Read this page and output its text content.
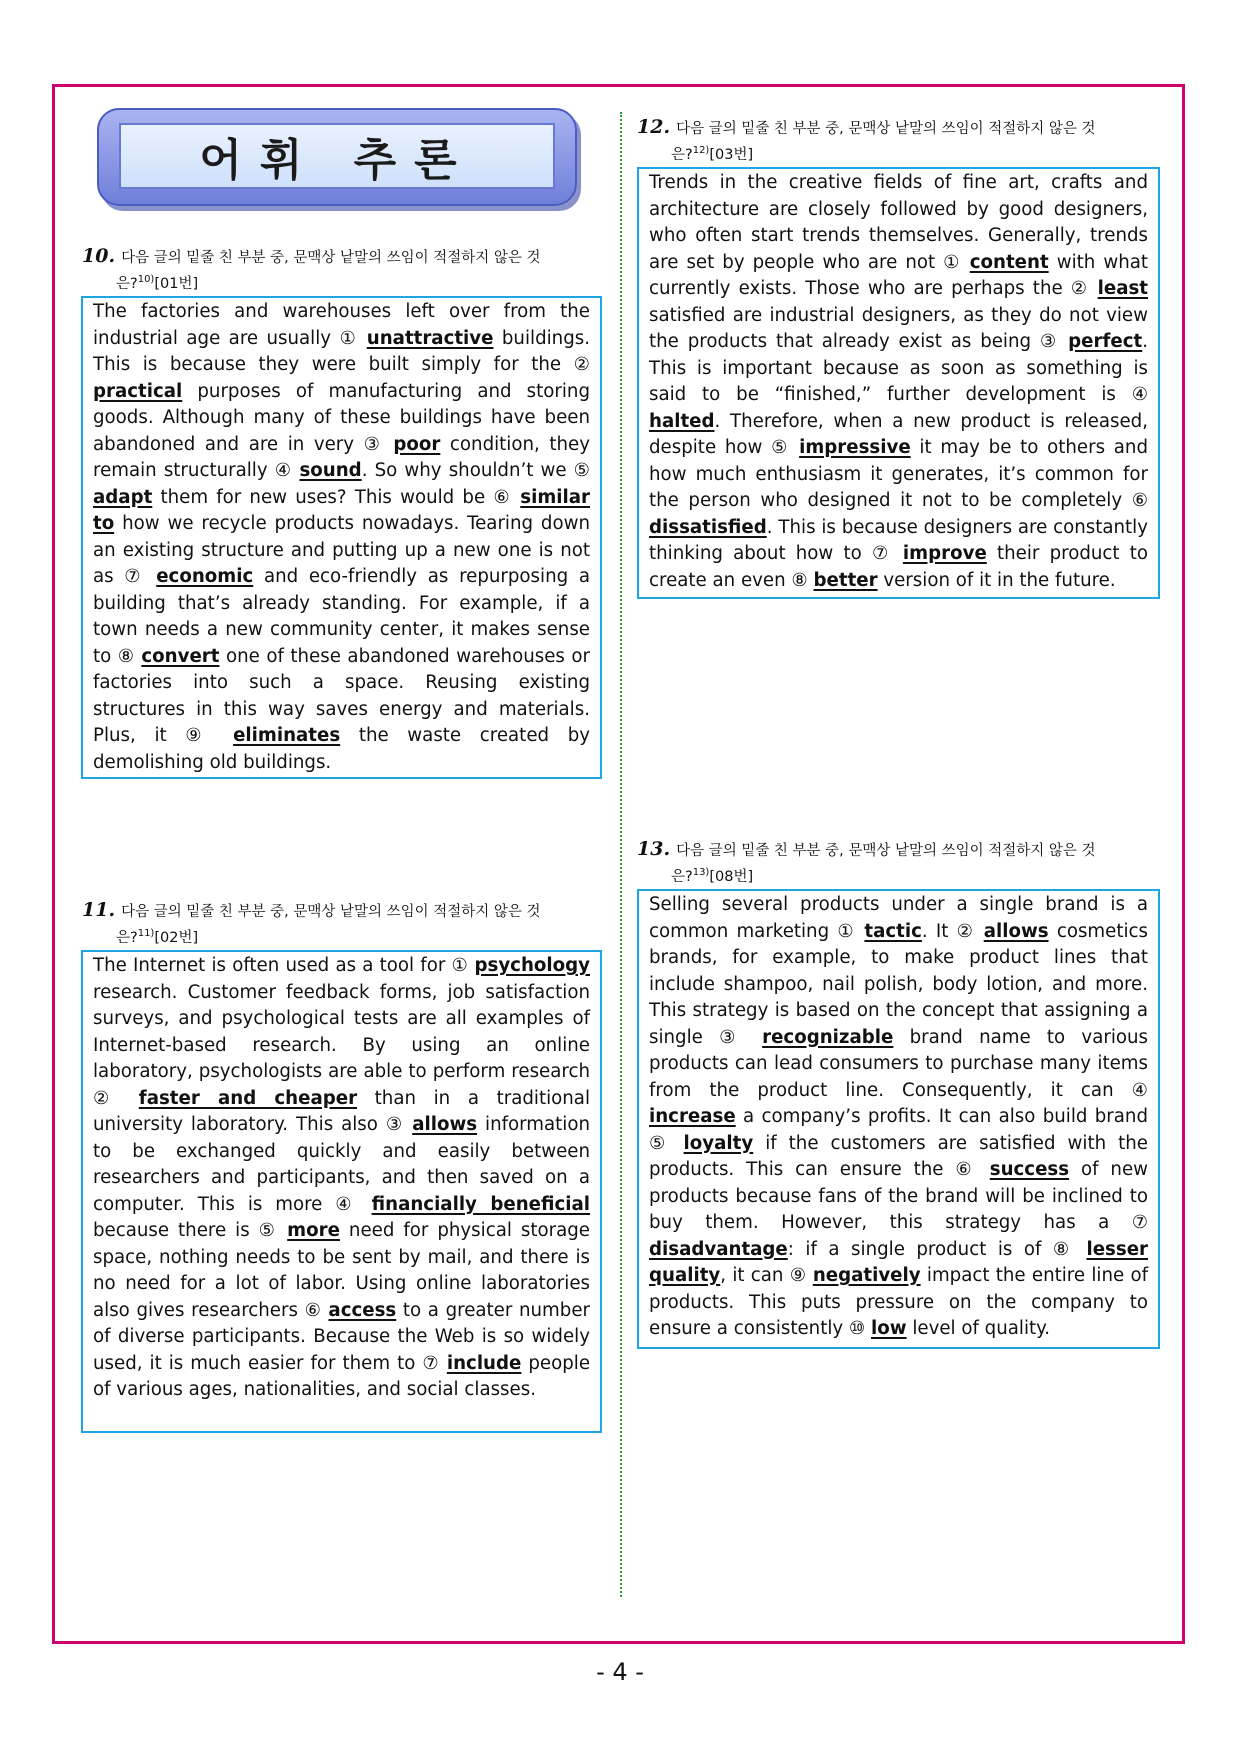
어휘 추론
10. 다음 글의 밑줄 친 부분 중, 문맥상 낱말의 쓰임이 적절하지 않은 것
은?$^{10)}$[01번]
The factories and warehouses left over from the industrial age are usually ① unattractive buildings. This is because they were built simply for the ② practical purposes of manufacturing and storing goods. Although many of these buildings have been abandoned and are in very ③ poor condition, they remain structurally ④ sound. So why shouldn’t we ⑤ adapt them for new uses? This would be ⑥ similar to how we recycle products nowadays. Tearing down an existing structure and putting up a new one is not as ⑦ economic and eco-friendly as repurposing a building that’s already standing. For example, if a town needs a new community center, it makes sense to ⑧ convert one of these abandoned warehouses or factories into such a space. Reusing existing structures in this way saves energy and materials. Plus, it ⑨ eliminates the waste created by demolishing old buildings.
11. 다음 글의 밑줄 친 부분 중, 문맥상 낱말의 쓰임이 적절하지 않은 것
은?$^{11)}$[02번]
The Internet is often used as a tool for ① psychology research. Customer feedback forms, job satisfaction surveys, and psychological tests are all examples of Internet-based research. By using an online laboratory, psychologists are able to perform research ② faster and cheaper than in a traditional university laboratory. This also ③ allows information to be exchanged quickly and easily between researchers and participants, and then saved on a computer. This is more ④ financially beneficial because there is ⑤ more need for physical storage space, nothing needs to be sent by mail, and there is no need for a lot of labor. Using online laboratories also gives researchers ⑥ access to a greater number of diverse participants. Because the Web is so widely used, it is much easier for them to ⑦ include people of various ages, nationalities, and social classes.
12. 다음 글의 밑줄 친 부분 중, 문맥상 낱말의 쓰임이 적절하지 않은 것
은?$^{12)}$[03번]
Trends in the creative fields of fine art, crafts and architecture are closely followed by good designers, who often start trends themselves. Generally, trends are set by people who are not ① content with what currently exists. Those who are perhaps the ② least satisfied are industrial designers, as they do not view the products that already exist as being ③ perfect. This is important because as soon as something is said to be “finished,” further development is ④ halted. Therefore, when a new product is released, despite how ⑤ impressive it may be to others and how much enthusiasm it generates, it’s common for the person who designed it not to be completely ⑥ dissatisfied. This is because designers are constantly thinking about how to ⑦ improve their product to create an even ⑧ better version of it in the future.
13. 다음 글의 밑줄 친 부분 중, 문맥상 낱말의 쓰임이 적절하지 않은 것
은?$^{13)}$[08번]
Selling several products under a single brand is a common marketing ① tactic. It ② allows cosmetics brands, for example, to make product lines that include shampoo, nail polish, body lotion, and more. This strategy is based on the concept that assigning a single ③ recognizable brand name to various products can lead consumers to purchase many items from the product line. Consequently, it can ④ increase a company’s profits. It can also build brand ⑤ loyalty if the customers are satisfied with the products. This can ensure the ⑥ success of new products because fans of the brand will be inclined to buy them. However, this strategy has a ⑦ disadvantage: if a single product is of ⑧ lesser quality, it can ⑨ negatively impact the entire line of products. This puts pressure on the company to ensure a consistently ⑩ low level of quality.
- 4 -
